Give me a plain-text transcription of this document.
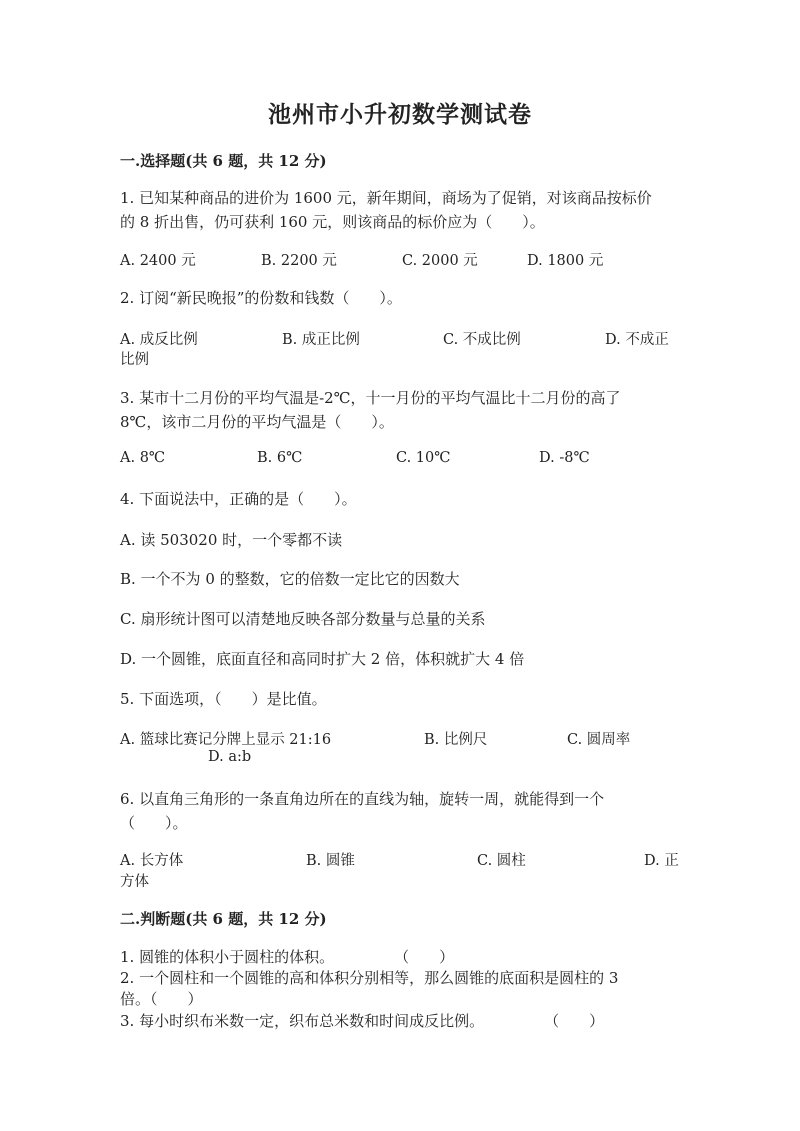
池州市小升初数学测试卷
一.选择题(共 6 题，共 12 分)
1. 已知某种商品的进价为 1600 元，新年期间，商场为了促销，对该商品按标价
的 8 折出售，仍可获利 160 元，则该商品的标价应为（　　）。
A. 2400 元	B. 2200 元	C. 2000 元	D. 1800 元
2. 订阅“新民晚报”的份数和钱数（　　）。
A. 成反比例	B. 成正比例	C. 不成比例	D. 不成正
比例
3. 某市十二月份的平均气温是-2℃，十一月份的平均气温比十二月份的高了
8℃，该市二月份的平均气温是（　　）。
A. 8℃	B. 6℃	C. 10℃	D. -8℃
4. 下面说法中，正确的是（　　）。
A. 读 503020 时，一个零都不读
B. 一个不为 0 的整数，它的倍数一定比它的因数大
C. 扇形统计图可以清楚地反映各部分数量与总量的关系
D. 一个圆锥，底面直径和高同时扩大 2 倍，体积就扩大 4 倍
5. 下面选项，（　　）是比值。
A. 篮球比赛记分牌上显示 21:16	B. 比例尺	C. 圆周率
D. a:b
6. 以直角三角形的一条直角边所在的直线为轴，旋转一周，就能得到一个
（　　）。
A. 长方体	B. 圆锥	C. 圆柱	D. 正
方体
二.判断题(共 6 题，共 12 分)
1. 圆锥的体积小于圆柱的体积。　　　　　（　　）
2. 一个圆柱和一个圆锥的高和体积分别相等，那么圆锥的底面积是圆柱的 3
倍。（　　）
3. 每小时织布米数一定，织布总米数和时间成反比例。　　　　　（　　）
